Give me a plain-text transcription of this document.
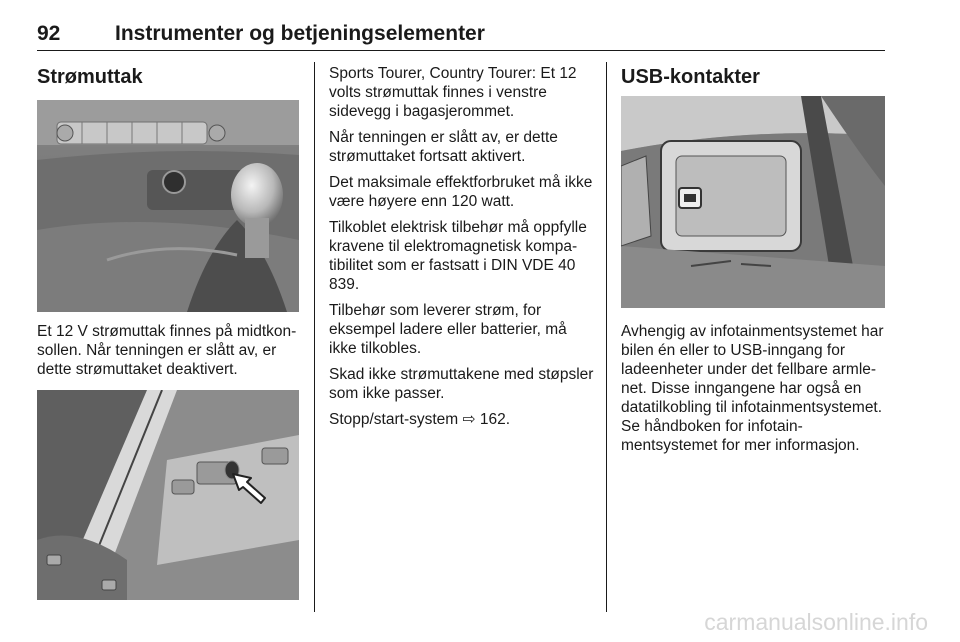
92	Instrumenter og betjeningselementer
Strømuttak

Et 12 V strømuttak finnes på midtkonsollen. Når tenningen er slått av, er dette strømuttaket deaktivert.

Sports Tourer, Country Tourer: Et 12 volts strømuttak finnes i venstre sidevegg i bagasjerommet.

Når tenningen er slått av, er dette strømuttaket fortsatt aktivert.

Det maksimale effektforbruket må ikke være høyere enn 120 watt.

Tilkoblet elektrisk tilbehør må oppfylle kravene til elektromagnetisk kompatibilitet som er fastsatt i DIN VDE 40 839.

Tilbehør som leverer strøm, for eksempel ladere eller batterier, må ikke tilkobles.

Skad ikke strømuttakene med støpsler som ikke passer.

Stopp/start-system ⇨ 162.

USB-kontakter

Avhengig av infotainmentsystemet har bilen én eller to USB-inngang for ladeenheter under det fellbare armlenet. Disse inngangene har også en datatilkobling til infotainmentsystemet. Se håndboken for infotainmentsystemet for mer informasjon.

carmanualsonline.info
